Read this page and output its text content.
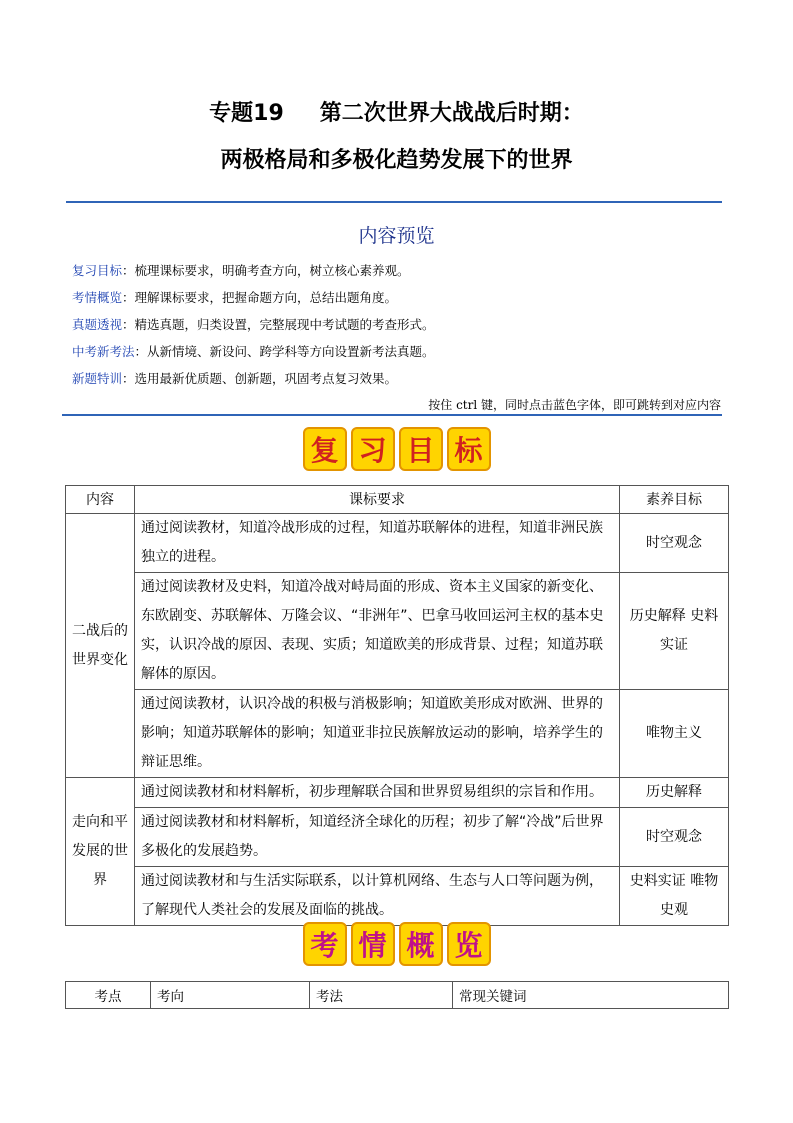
专题19 第二次世界大战战后时期：
两极格局和多极化趋势发展下的世界
内容预览
复习目标：梳理课标要求，明确考查方向，树立核心素养观。
考情概览：理解课标要求，把握命题方向，总结出题角度。
真题透视：精选真题，归类设置，完整展现中考试题的考查形式。
中考新考法：从新情境、新设问、跨学科等方向设置新考法真题。
新题特训：选用最新优质题、创新题，巩固考点复习效果。
按住 ctrl 键，同时点击蓝色字体，即可跳转到对应内容
复 习 目 标
内容	课标要求	素养目标
二战后的世界变化	通过阅读教材，知道冷战形成的过程，知道苏联解体的进程，知道非洲民族独立的进程。	时空观念
	通过阅读教材及史料，知道冷战对峙局面的形成、资本主义国家的新变化、东欧剧变、苏联解体、万隆会议、“非洲年”、巴拿马收回运河主权的基本史实，认识冷战的原因、表现、实质；知道欧美的形成背景、过程；知道苏联解体的原因。	历史解释 史料实证
	通过阅读教材，认识冷战的积极与消极影响；知道欧美形成对欧洲、世界的影响；知道苏联解体的影响；知道亚非拉民族解放运动的影响，培养学生的辩证思维。	唯物主义
走向和平发展的世界	通过阅读教材和材料解析，初步理解联合国和世界贸易组织的宗旨和作用。	历史解释
	通过阅读教材和材料解析，知道经济全球化的历程；初步了解“冷战”后世界多极化的发展趋势。	时空观念
	通过阅读教材和与生活实际联系，以计算机网络、生态与人口等问题为例，了解现代人类社会的发展及面临的挑战。	史料实证 唯物史观
考 情 概 览
考点	考向	考法	常现关键词
